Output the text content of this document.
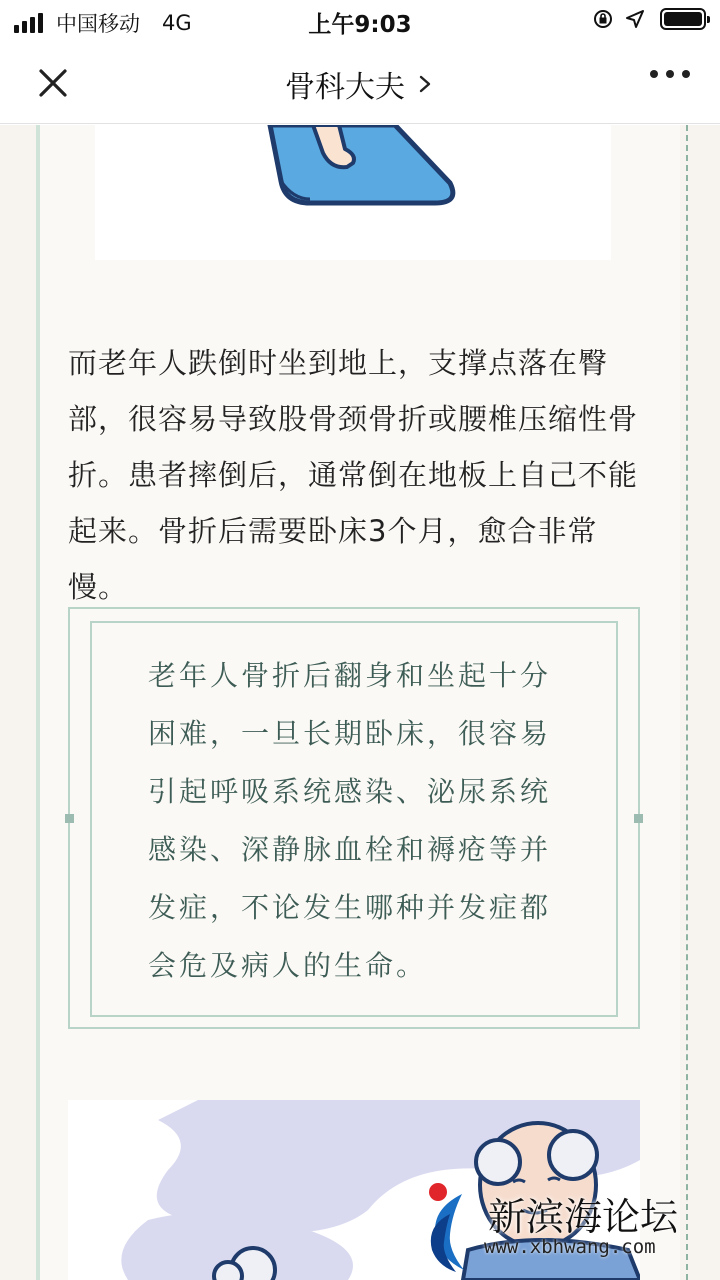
中国移动 4G	上午9:03
骨科大夫
而老年人跌倒时坐到地上，支撑点落在臀部，很容易导致股骨颈骨折或腰椎压缩性骨折。患者摔倒后，通常倒在地板上自己不能起来。骨折后需要卧床3个月，愈合非常慢。
老年人骨折后翻身和坐起十分困难，一旦长期卧床，很容易引起呼吸系统感染、泌尿系统感染、深静脉血栓和褥疮等并发症，不论发生哪种并发症都会危及病人的生命。
新滨海论坛
www.xbhwang.com
